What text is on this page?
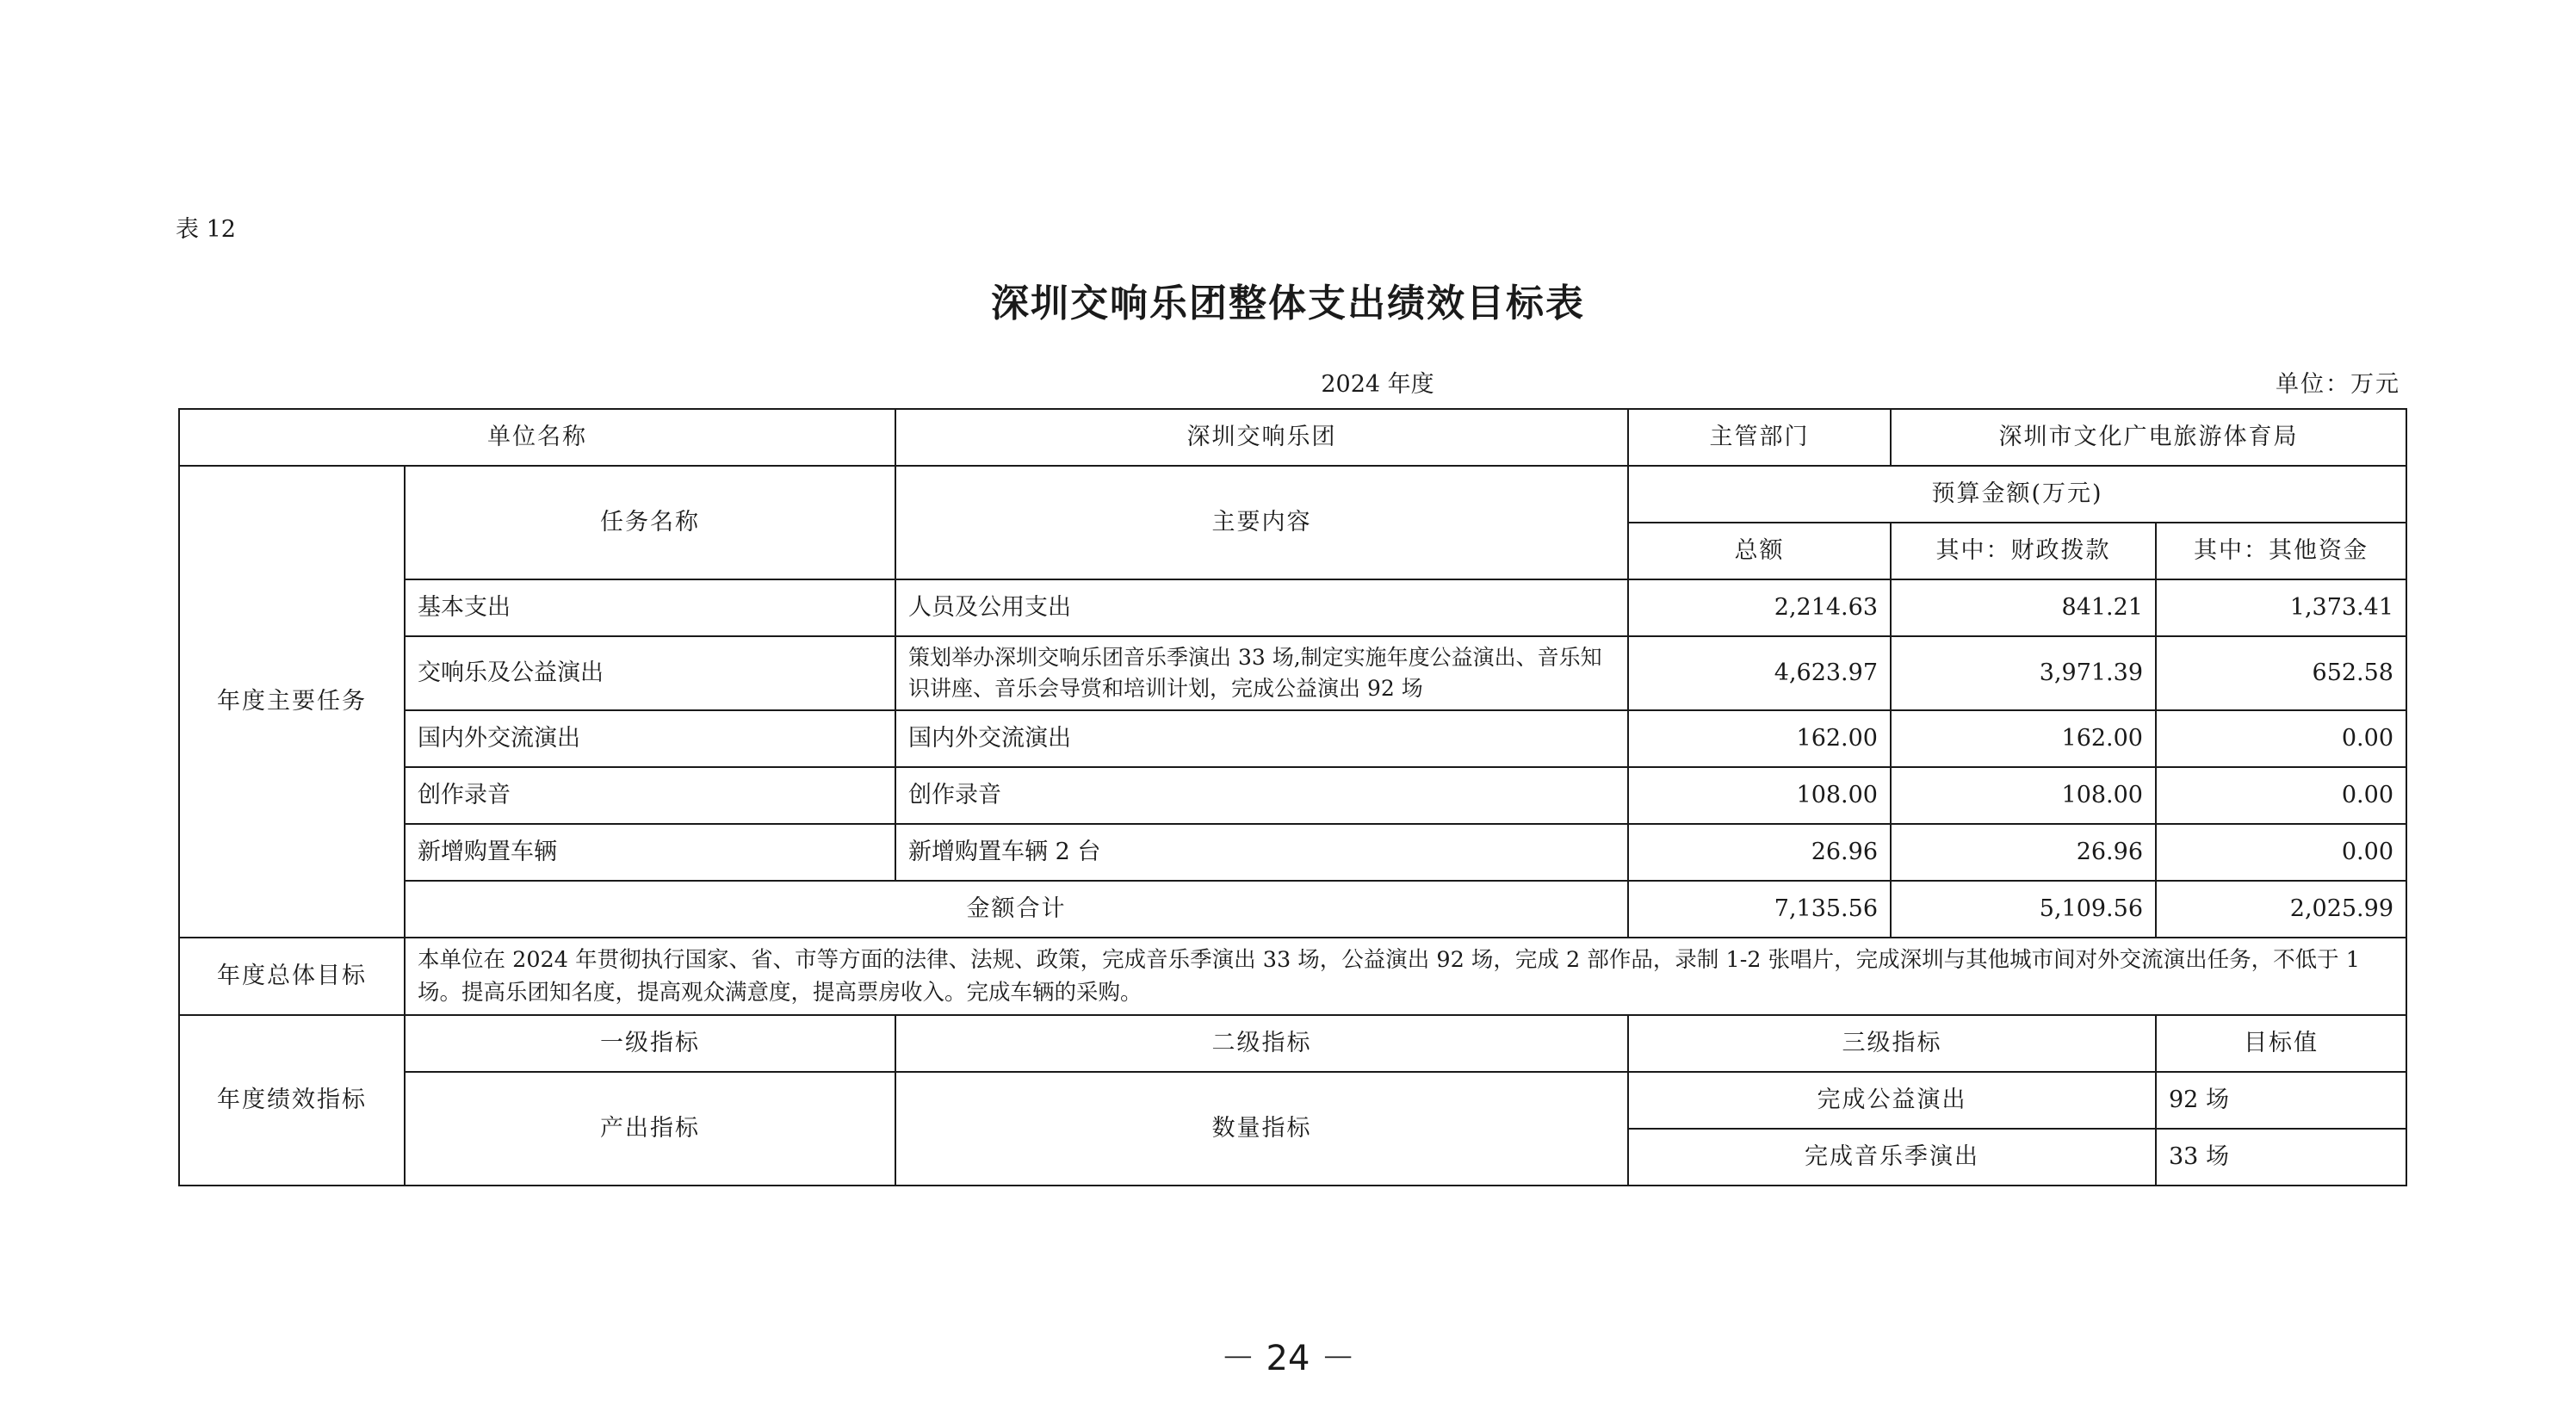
表 12
深圳交响乐团整体支出绩效目标表
2024 年度	单位：万元
单位名称		深圳交响乐团	主管部门	深圳市文化广电旅游体育局	
年度主要任务	任务名称	主要内容	预算金额(万元)		
			总额	其中：财政拨款	其中：其他资金
	基本支出	人员及公用支出	2,214.63	841.21	1,373.41
	交响乐及公益演出	策划举办深圳交响乐团音乐季演出 33 场,制定实施年度公益演出、音乐知识讲座、音乐会导赏和培训计划，完成公益演出 92 场	4,623.97	3,971.39	652.58
	国内外交流演出	国内外交流演出	162.00	162.00	0.00
	创作录音	创作录音	108.00	108.00	0.00
	新增购置车辆	新增购置车辆 2 台	26.96	26.96	0.00
	金额合计		7,135.56	5,109.56	2,025.99
年度总体目标	本单位在 2024 年贯彻执行国家、省、市等方面的法律、法规、政策，完成音乐季演出 33 场，公益演出 92 场，完成 2 部作品，录制 1-2 张唱片，完成深圳与其他城市间对外交流演出任务，不低于 1 场。提高乐团知名度，提高观众满意度，提高票房收入。完成车辆的采购。				
年度绩效指标	一级指标	二级指标	三级指标		目标值
	产出指标	数量指标	完成公益演出		92 场
			完成音乐季演出		33 场
－ 24 －
